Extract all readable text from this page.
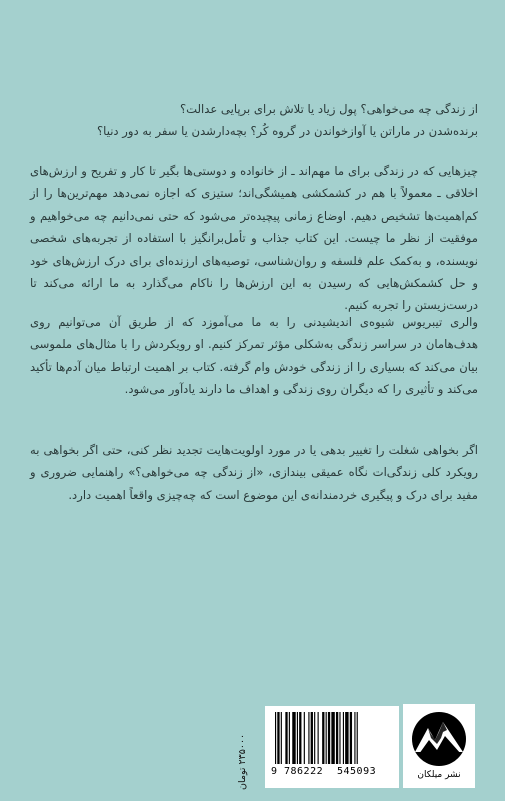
از زندگی چه می‌خواهی؟ پول زیاد یا تلاش برای برپایی عدالت؟

برنده‌شدن در ماراتن یا آوازخواندن در گروه کُر؟ بچه‌دارشدن یا سفر به دور دنیا؟

چیزهایی که در زندگی برای ما مهم‌اند ـ از خانواده و دوستی‌ها بگیر تا کار و تفریح و ارزش‌های اخلاقی ـ معمولاً با هم در کشمکشی همیشگی‌اند؛ ستیزی که اجازه نمی‌دهد مهم‌ترین‌ها را از کم‌اهمیت‌ها تشخیص دهیم. اوضاع زمانی پیچیده‌تر می‌شود که حتی نمی‌دانیم چه می‌خواهیم و موفقیت از نظر ما چیست. این کتاب جذاب و تأمل‌برانگیز با استفاده از تجربه‌های شخصی نویسنده، و به‌کمک علم فلسفه و روان‌شناسی، توصیه‌های ارزنده‌ای برای درک ارزش‌های خود و حل کشمکش‌هایی که رسیدن به این ارزش‌ها را ناکام می‌گذارد به ما ارائه می‌کند تا درست‌زیستن را تجربه کنیم.

والری تیبریوس شیوه‌ی اندیشیدنی را به ما می‌آموزد که از طریق آن می‌توانیم روی هدف‌هامان در سراسر زندگی به‌شکلی مؤثر تمرکز کنیم. او رویکردش را با مثال‌های ملموسی بیان می‌کند که بسیاری را از زندگی خودش وام گرفته. کتاب بر اهمیت ارتباط میان آدم‌ها تأکید می‌کند و تأثیری را که دیگران روی زندگی و اهداف ما دارند یادآور می‌شود.

اگر بخواهی شغلت را تغییر بدهی یا در مورد اولویت‌هایت تجدید نظر کنی، حتی اگر بخواهی به رویکرد کلی زندگی‌ات نگاه عمیقی بیندازی، «از زندگی چه می‌خواهی؟» راهنمایی ضروری و مفید برای درک و پیگیری خردمندانه‌ی این موضوع است که چه‌چیزی واقعاً اهمیت دارد.

۲۳۵۰۰۰ تومان
9 786222	545093	نشر میلکان
